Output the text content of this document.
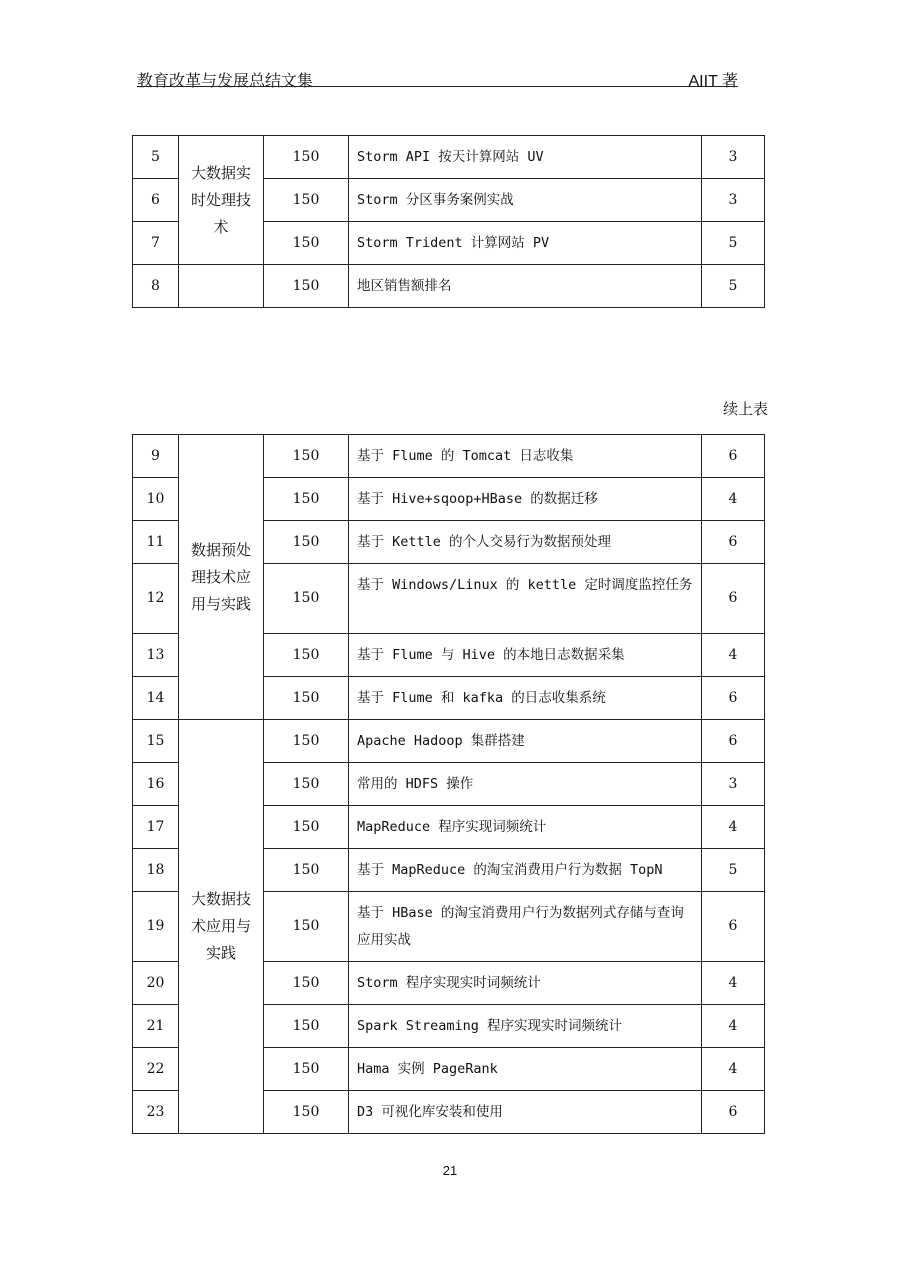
教育改革与发展总结文集	AIIT 著
5	大数据实时处理技术	150	Storm API 按天计算网站 UV	3
6		150	Storm 分区事务案例实战	3
7		150	Storm Trident 计算网站 PV	5
8		150	地区销售额排名	5
续上表
9	数据预处理技术应用与实践	150	基于 Flume 的 Tomcat 日志收集	6
10		150	基于 Hive+sqoop+HBase 的数据迁移	4
11		150	基于 Kettle 的个人交易行为数据预处理	6
12		150	基于 Windows/Linux 的 kettle 定时调度监控任务	6
13		150	基于 Flume 与 Hive 的本地日志数据采集	4
14		150	基于 Flume 和 kafka 的日志收集系统	6
15	大数据技术应用与实践	150	Apache Hadoop 集群搭建	6
16		150	常用的 HDFS 操作	3
17		150	MapReduce 程序实现词频统计	4
18		150	基于 MapReduce 的淘宝消费用户行为数据 TopN	5
19		150	基于 HBase 的淘宝消费用户行为数据列式存储与查询应用实战	6
20		150	Storm 程序实现实时词频统计	4
21		150	Spark Streaming 程序实现实时词频统计	4
22		150	Hama 实例 PageRank	4
23		150	D3 可视化库安装和使用	6
21
